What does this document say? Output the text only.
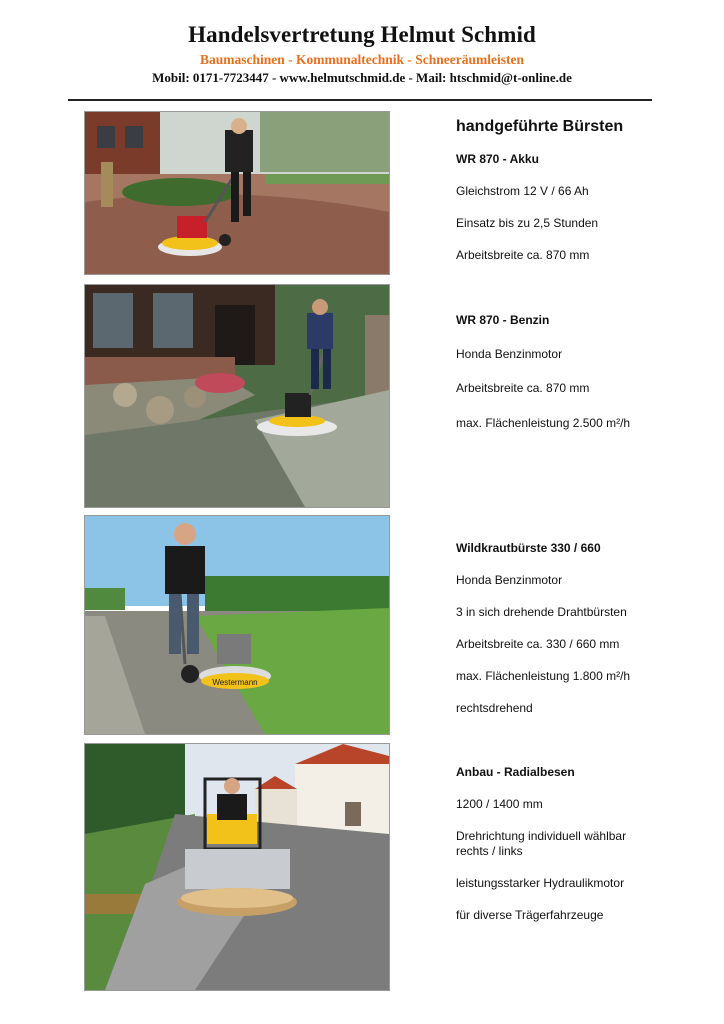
Handelsvertretung Helmut Schmid
Baumaschinen - Kommunaltechnik - Schneeräumleisten
Mobil: 0171-7723447 - www.helmutschmid.de - Mail: htschmid@t-online.de
Westermann
handgeführte Bürsten
WR 870 - Akku
Gleichstrom 12 V / 66 Ah
Einsatz bis zu 2,5 Stunden
Arbeitsbreite ca. 870 mm
WR 870 - Benzin
Honda Benzinmotor
Arbeitsbreite ca. 870 mm
max. Flächenleistung 2.500 m²/h
Wildkrautbürste 330 / 660
Honda Benzinmotor
3 in sich drehende Drahtbürsten
Arbeitsbreite ca. 330 / 660 mm
max. Flächenleistung 1.800 m²/h
rechtsdrehend
Anbau - Radialbesen
1200 / 1400 mm
Drehrichtung individuell wählbar
rechts / links
leistungsstarker Hydraulikmotor
für diverse Trägerfahrzeuge
